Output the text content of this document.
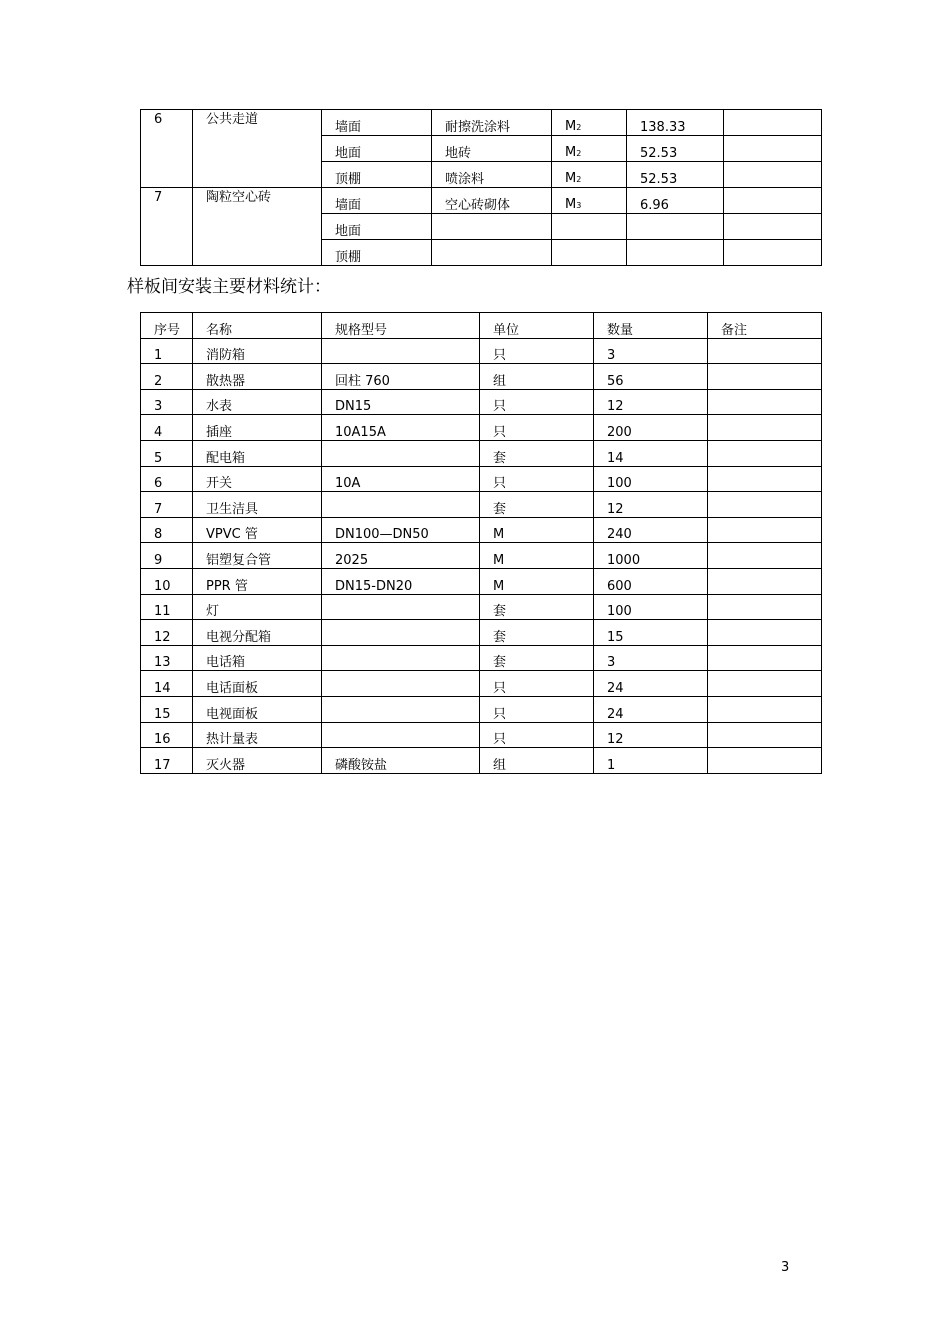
6	公共走道	墙面	耐擦洗涂料	M2	138.33	
		地面	地砖	M2	52.53	
		顶棚	喷涂料	M2	52.53	
7	陶粒空心砖	墙面	空心砖砌体	M3	6.96	
		地面				
		顶棚				
样板间安装主要材料统计：
序号	名称	规格型号	单位	数量	备注
1	消防箱		只	3	
2	散热器	回柱 760	组	56	
3	水表	DN15	只	12	
4	插座	10A15A	只	200	
5	配电箱		套	14	
6	开关	10A	只	100	
7	卫生洁具		套	12	
8	VPVC 管	DN100—DN50	M	240	
9	铝塑复合管	2025	M	1000	
10	PPR 管	DN15-DN20	M	600	
11	灯		套	100	
12	电视分配箱		套	15	
13	电话箱		套	3	
14	电话面板		只	24	
15	电视面板		只	24	
16	热计量表		只	12	
17	灭火器	磷酸铵盐	组	1	
3
